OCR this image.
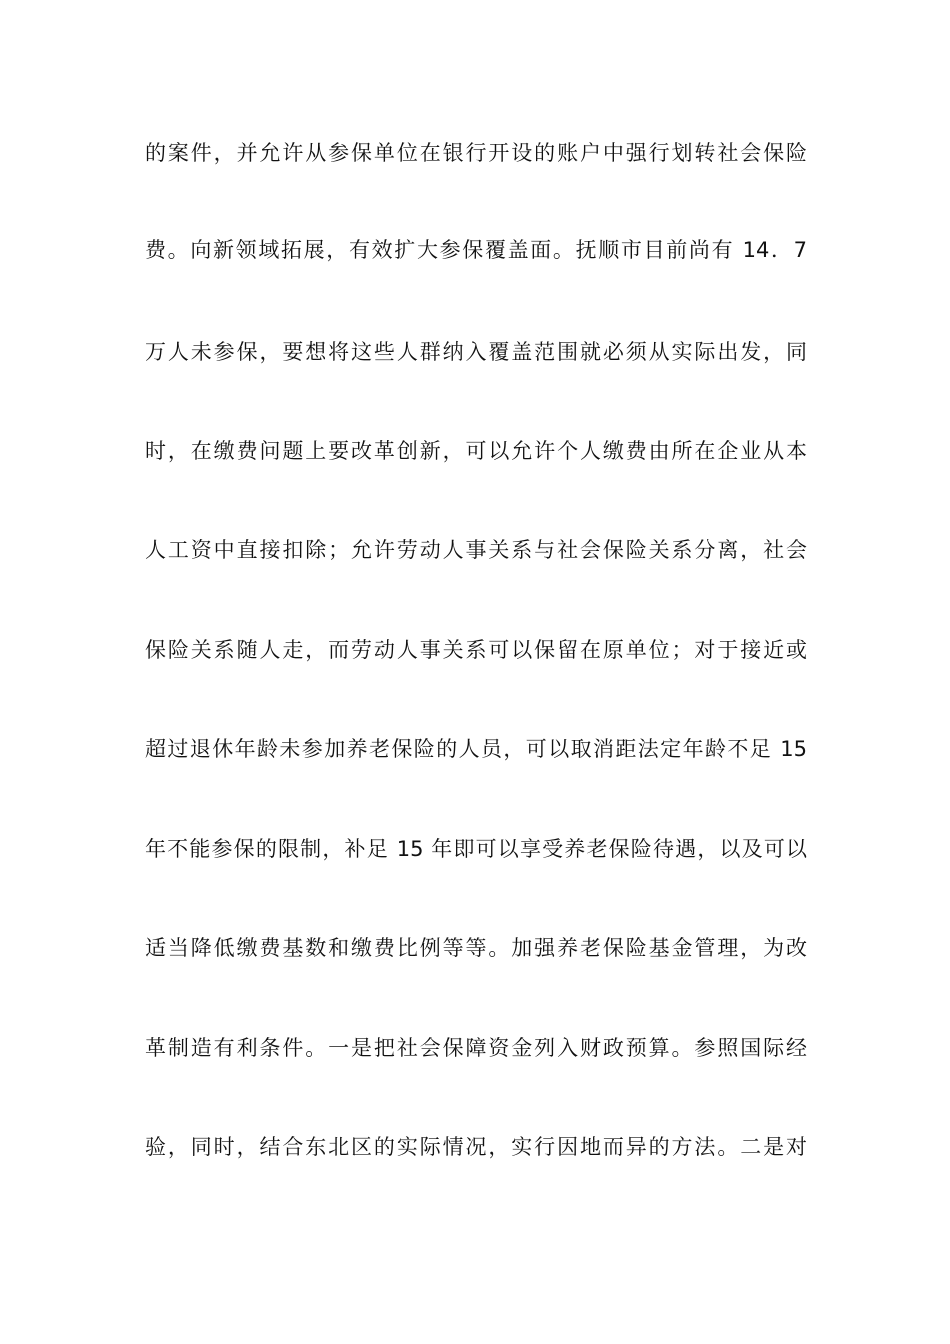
的案件，并允许从参保单位在银行开设的账户中强行划转社会保险
费。向新领域拓展，有效扩大参保覆盖面。抚顺市目前尚有 14．7
万人未参保，要想将这些人群纳入覆盖范围就必须从实际出发，同
时，在缴费问题上要改革创新，可以允许个人缴费由所在企业从本
人工资中直接扣除；允许劳动人事关系与社会保险关系分离，社会
保险关系随人走，而劳动人事关系可以保留在原单位；对于接近或
超过退休年龄未参加养老保险的人员，可以取消距法定年龄不足 15
年不能参保的限制，补足 15 年即可以享受养老保险待遇，以及可以
适当降低缴费基数和缴费比例等等。加强养老保险基金管理，为改
革制造有利条件。一是把社会保障资金列入财政预算。参照国际经
验，同时，结合东北区的实际情况，实行因地而异的方法。二是对
